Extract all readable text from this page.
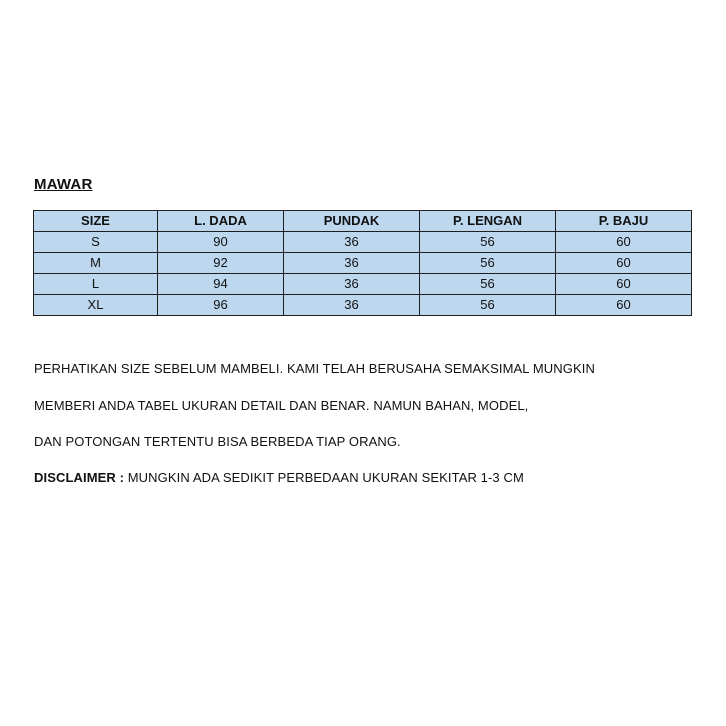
MAWAR
SIZE	L. DADA	PUNDAK	P. LENGAN	P. BAJU
S	90	36	56	60
M	92	36	56	60
L	94	36	56	60
XL	96	36	56	60
PERHATIKAN SIZE SEBELUM MAMBELI. KAMI TELAH BERUSAHA SEMAKSIMAL MUNGKIN
MEMBERI ANDA TABEL UKURAN DETAIL DAN BENAR. NAMUN BAHAN, MODEL,
DAN POTONGAN TERTENTU BISA BERBEDA TIAP ORANG.
DISCLAIMER : MUNGKIN ADA SEDIKIT PERBEDAAN UKURAN SEKITAR 1-3 CM
